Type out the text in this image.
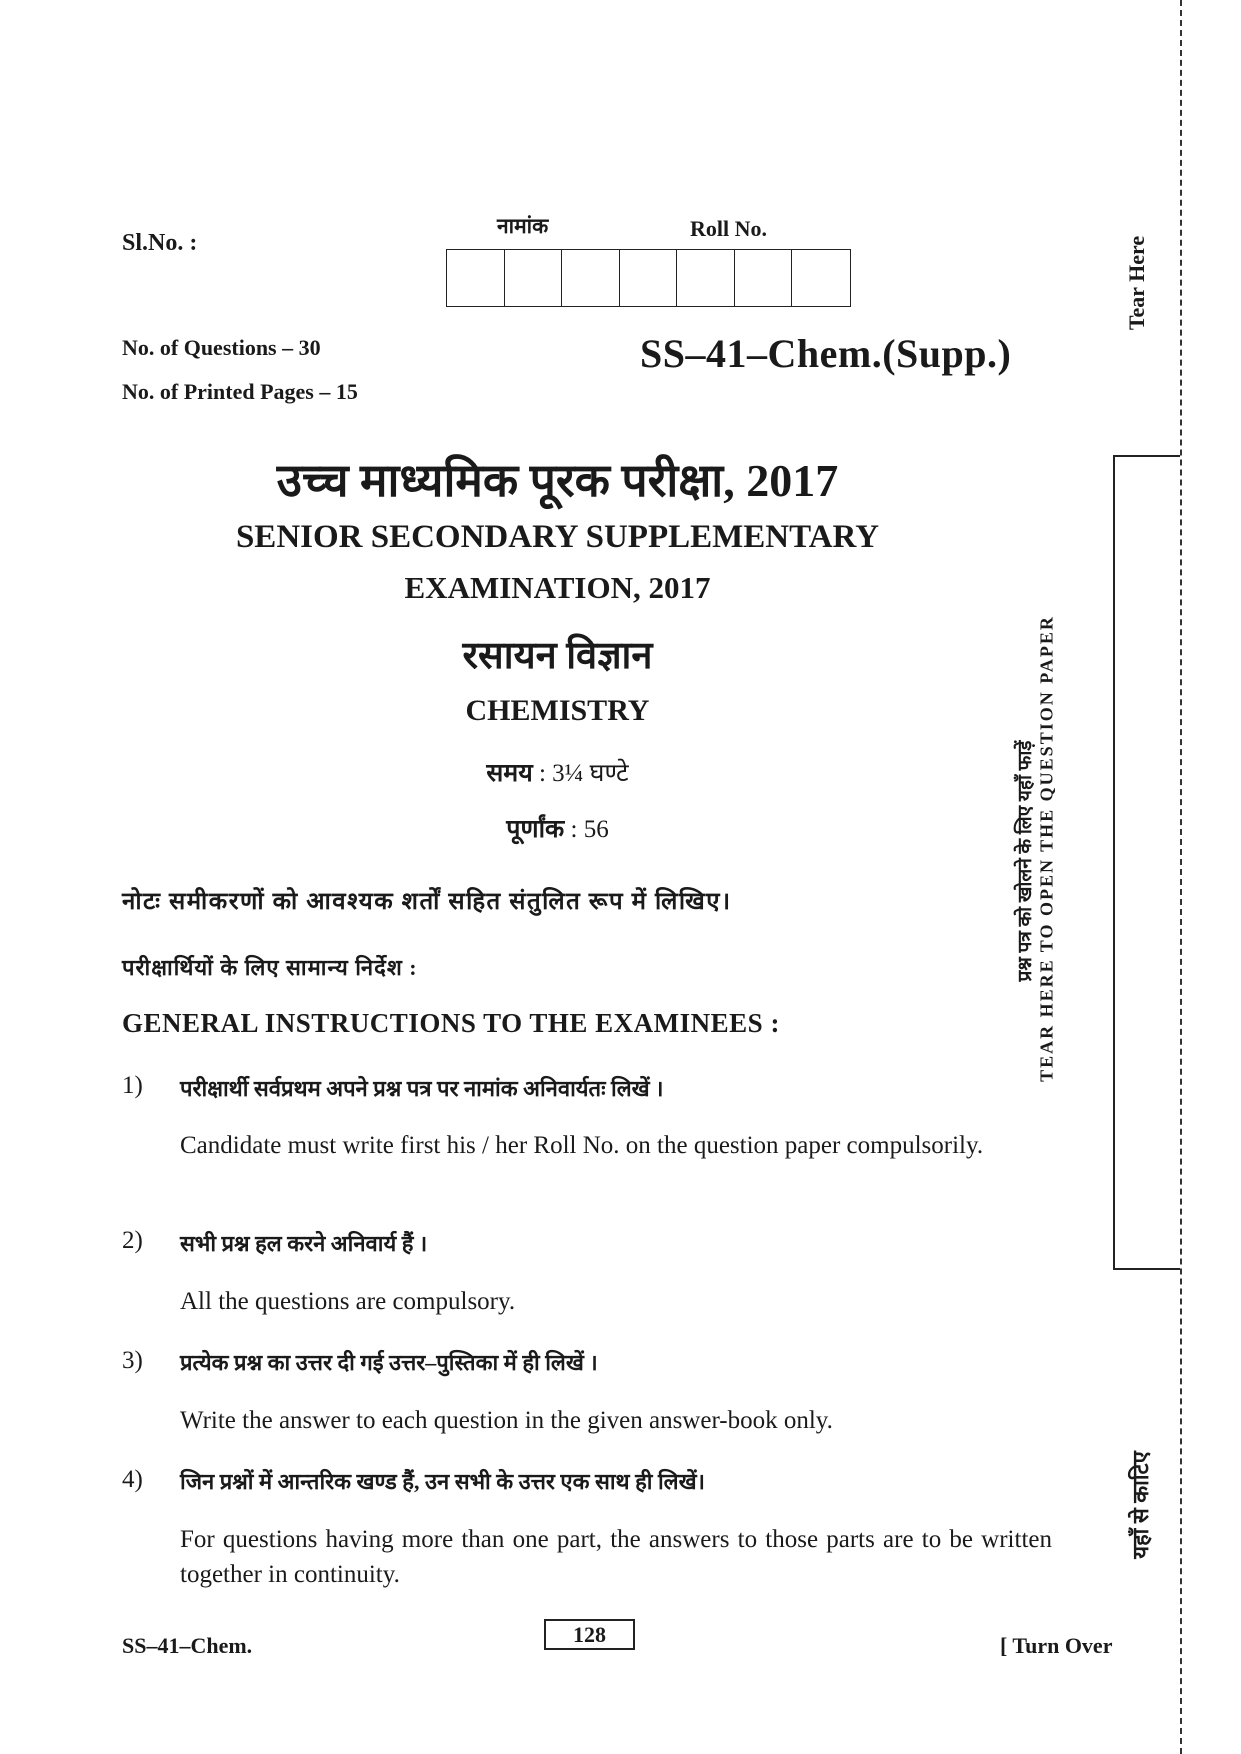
Sl.No. :
नामांक	Roll No.
No. of Questions – 30
No. of Printed Pages – 15
SS–41–Chem.(Supp.)
उच्च माध्यमिक पूरक परीक्षा, 2017
SENIOR SECONDARY SUPPLEMENTARY
EXAMINATION, 2017
रसायन विज्ञान
CHEMISTRY
समय : 3¼ घण्टे
पूर्णांक : 56
नोटः समीकरणों को आवश्यक शर्तों सहित संतुलित रूप में लिखिए।
परीक्षार्थियों के लिए सामान्य निर्देश :
GENERAL INSTRUCTIONS TO THE EXAMINEES :
1) परीक्षार्थी सर्वप्रथम अपने प्रश्न पत्र पर नामांक अनिवार्यतः लिखें ।
Candidate must write first his / her Roll No. on the question paper compulsorily.
2) सभी प्रश्न हल करने अनिवार्य हैं ।
All the questions are compulsory.
3) प्रत्येक प्रश्न का उत्तर दी गई उत्तर–पुस्तिका में ही लिखें ।
Write the answer to each question in the given answer-book only.
4) जिन प्रश्नों में आन्तरिक खण्ड हैं, उन सभी के उत्तर एक साथ ही लिखें।
For questions having more than one part, the answers to those parts are to be written together in continuity.
SS–41–Chem.	128	[ Turn Over
Tear Here
TEAR HERE TO OPEN THE QUESTION PAPER
प्रश्न पत्र को खोलने के लिए यहाँ फाड़ें
यहाँ से काटिए
